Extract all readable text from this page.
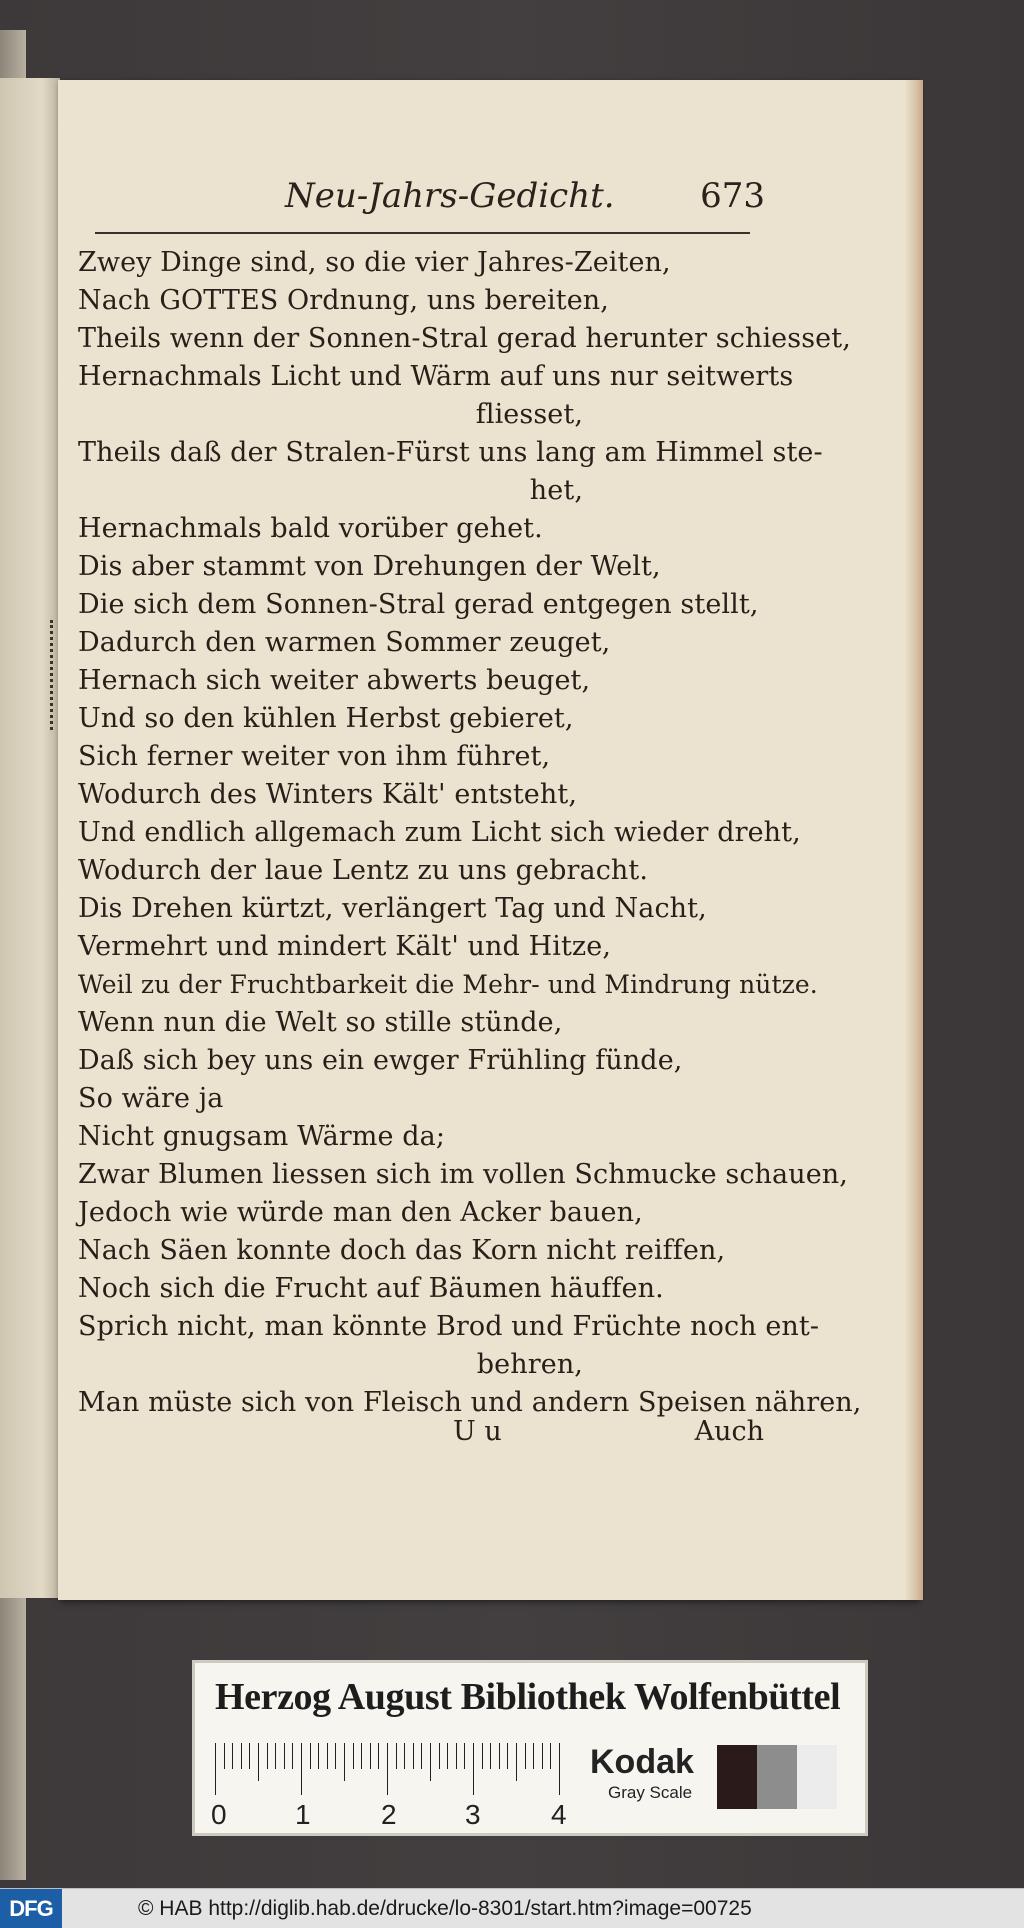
Neu-Jahrs-Gedicht.	673
Zwey Dinge sind, so die vier Jahres-Zeiten,
Nach GOTTES Ordnung, uns bereiten,
Theils wenn der Sonnen-Stral gerad herunter schiesset,
Hernachmals Licht und Wärm auf uns nur seitwerts
fliesset,
Theils daß der Stralen-Fürst uns lang am Himmel ste-
het,
Hernachmals bald vorüber gehet.
Dis aber stammt von Drehungen der Welt,
Die sich dem Sonnen-Stral gerad entgegen stellt,
Dadurch den warmen Sommer zeuget,
Hernach sich weiter abwerts beuget,
Und so den kühlen Herbst gebieret,
Sich ferner weiter von ihm führet,
Wodurch des Winters Kält' entsteht,
Und endlich allgemach zum Licht sich wieder dreht,
Wodurch der laue Lentz zu uns gebracht.
Dis Drehen kürtzt, verlängert Tag und Nacht,
Vermehrt und mindert Kält' und Hitze,
Weil zu der Fruchtbarkeit die Mehr- und Mindrung nütze.
Wenn nun die Welt so stille stünde,
Daß sich bey uns ein ewger Frühling fünde,
So wäre ja
Nicht gnugsam Wärme da;
Zwar Blumen liessen sich im vollen Schmucke schauen,
Jedoch wie würde man den Acker bauen,
Nach Säen konnte doch das Korn nicht reiffen,
Noch sich die Frucht auf Bäumen häuffen.
Sprich nicht, man könnte Brod und Früchte noch ent-
behren,
Man müste sich von Fleisch und andern Speisen nähren,
U u	Auch
Herzog August Bibliothek Wolfenbüttel
0 1	2 3	4
Kodak
Gray Scale
DFG	© HAB http://diglib.hab.de/drucke/lo-8301/start.htm?image=00725
